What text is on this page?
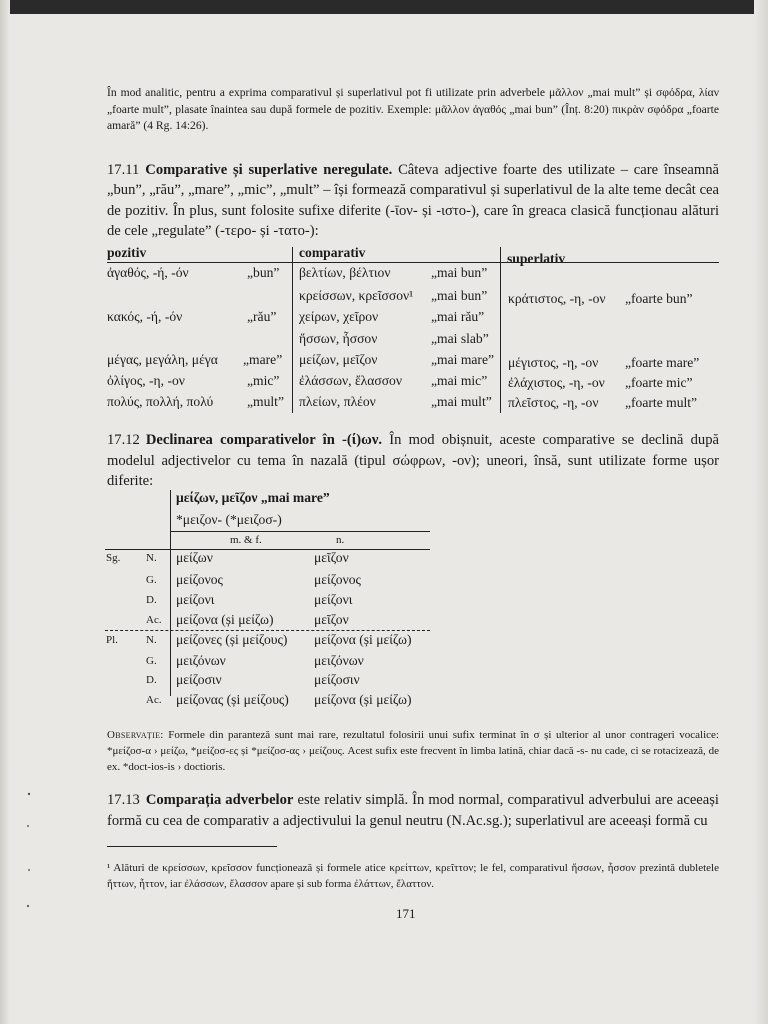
În mod analitic, pentru a exprima comparativul și superlativul pot fi utilizate prin adverbele μᾶλλον „mai mult” și σφόδρα, λίαν „foarte mult”, plasate înaintea sau după formele de pozitiv. Exemple: μᾶλλον ἀγαθός „mai bun” (Înț. 8:20) πικρὰν σφόδρα „foarte amară” (4 Rg. 14:26).

17.11 Comparative și superlative neregulate. Câteva adjective foarte des utilizate – care înseamnă „bun”, „rău”, „mare”, „mic”, „mult” – își formează comparativul și superlativul de la alte teme decât cea de pozitiv. În plus, sunt folosite sufixe diferite (-ῑον- și -ιστο-), care în greaca clasică funcționau alături de cele „regulate” (-τερο- și -τατο-):

pozitiv	comparativ	superlativ
ἀγαθός, -ή, -όν	„bun” βελτίων, βέλτιον	„mai bun”
κρείσσων, κρεῖσσον¹ „mai bun” κράτιστος, -η, -ον „foarte bun”
κακός, -ή, -όν	„rău” χείρων, χεῖρον	„mai rău”
ἥσσων, ἧσσον	„mai slab”
μέγας, μεγάλη, μέγα „mare” μείζων, μεῖζον	„mai mare” μέγιστος, -η, -ον „foarte mare”
ὀλίγος, -η, -ον	„mic” ἐλάσσων, ἔλασσον „mai mic” ἐλάχιστος, -η, -ον „foarte mic”
πολύς, πολλή, πολύ „mult” πλείων, πλέον	„mai mult” πλεῖστος, -η, -ον „foarte mult”

17.12 Declinarea comparativelor în -(ί)ων. În mod obișnuit, aceste comparative se declină după modelul adjectivelor cu tema în nazală (tipul σώφρων, -ον); uneori, însă, sunt utilizate forme ușor diferite:

μείζων, μεῖζον „mai mare”
*μειζον- (*μειζοσ-)
m. & f.	n.
Sg. N. μείζων	μεῖζον
G. μείζονος	μείζονος
D. μείζονι	μείζονι
Ac. μείζονα (și μείζω)	μεῖζον
Pl.	N. μείζονες (și μείζους) μείζονα (și μείζω)
G. μειζόνων	μειζόνων
D. μείζοσιν	μείζοσιν
Ac. μείζονας (și μείζους) μείζονα (și μείζω)

Observație: Formele din paranteză sunt mai rare, rezultatul folosirii unui sufix terminat în σ și ulterior al unor contrageri vocalice: *μείζοσ-α › μείζω, *μείζοσ-ες și *μείζοσ-ας › μείζους. Acest sufix este frecvent în limba latină, chiar dacă -s- nu cade, ci se rotacizează, de ex. *doct-ios-is › doctioris.

17.13 Comparația adverbelor este relativ simplă. În mod normal, comparativul adverbului are aceeași formă cu cea de comparativ a adjectivului la genul neutru (N.Ac.sg.); superlativul are aceeași formă cu

¹ Alături de κρείσσων, κρεῖσσον funcționează și formele atice κρείττων, κρεῖττον; le fel, comparativul ἥσσων, ἧσσον prezintă dubletele ἥττων, ἧττον, iar ἐλάσσων, ἔλασσον apare și sub forma ἐλάττων, ἔλαττον.

171
